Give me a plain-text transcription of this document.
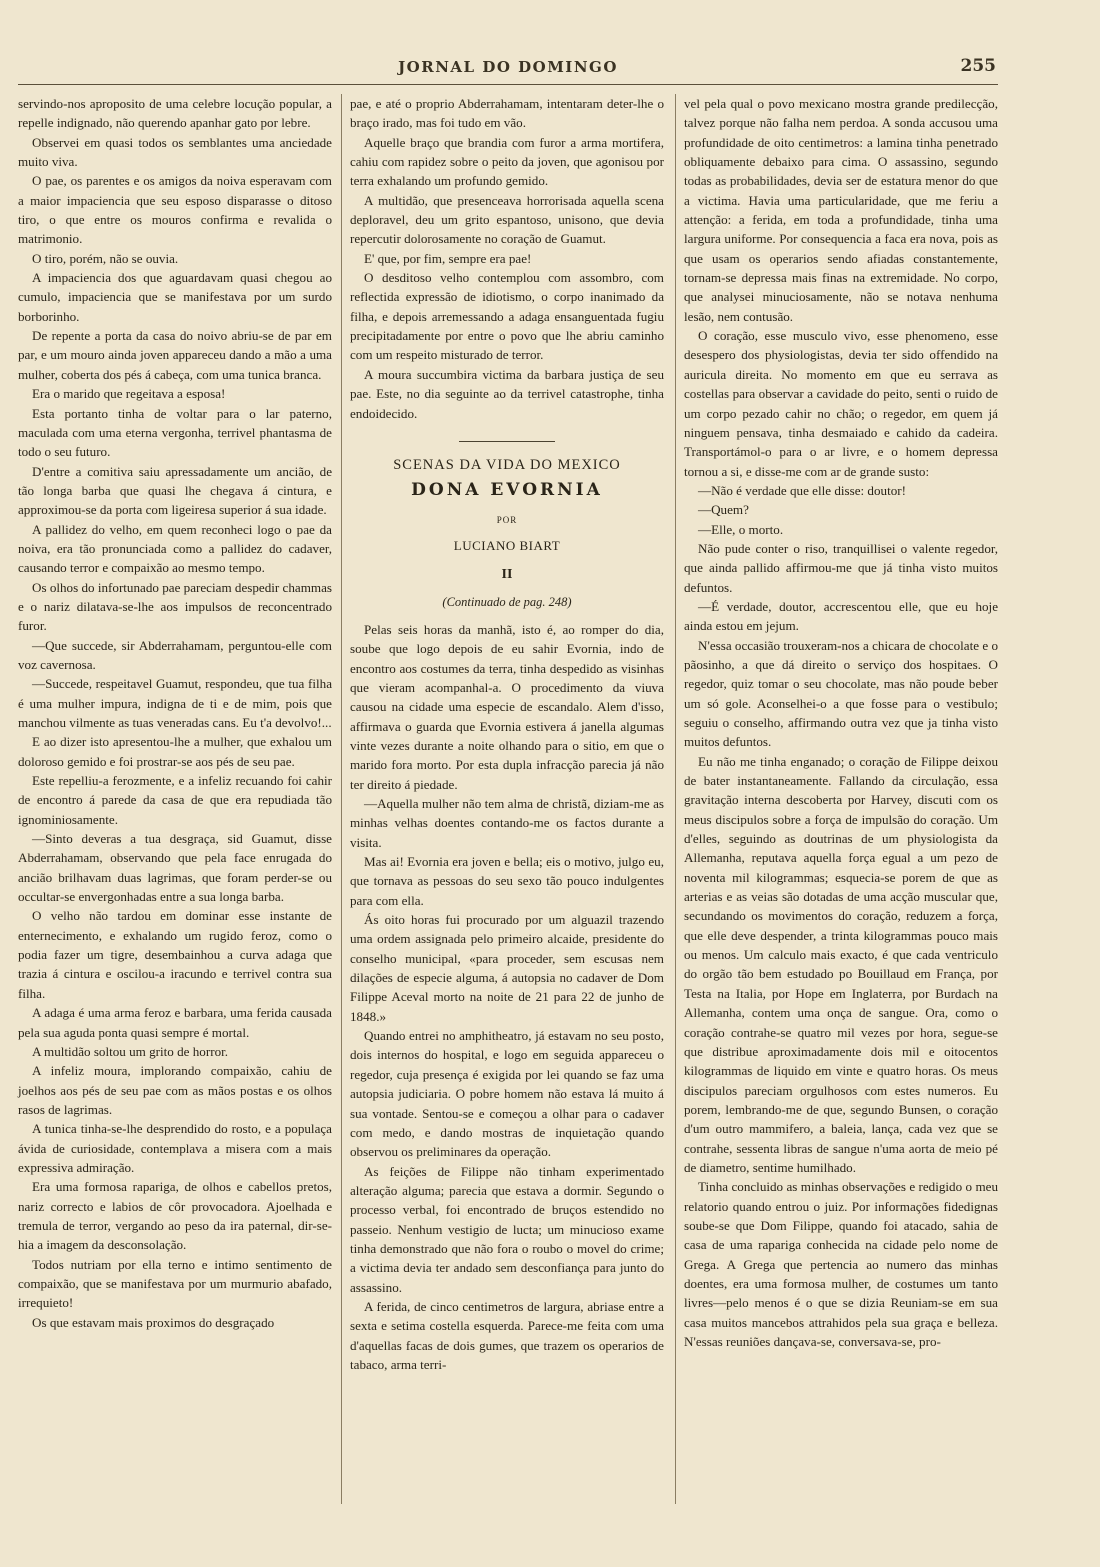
JORNAL DO DOMINGO	255

servindo-nos aproposito de uma celebre locução popular, a repelle indignado, não querendo apanhar gato por lebre.

Observei em quasi todos os semblantes uma anciedade muito viva.

O pae, os parentes e os amigos da noiva esperavam com a maior impaciencia que seu esposo disparasse o ditoso tiro, o que entre os mouros confirma e revalida o matrimonio.

O tiro, porém, não se ouvia.

A impaciencia dos que aguardavam quasi chegou ao cumulo, impaciencia que se manifestava por um surdo borborinho.

De repente a porta da casa do noivo abriu-se de par em par, e um mouro ainda joven appareceu dando a mão a uma mulher, coberta dos pés á cabeça, com uma tunica branca.

Era o marido que regeitava a esposa!

Esta portanto tinha de voltar para o lar paterno, maculada com uma eterna vergonha, terrivel phantasma de todo o seu futuro.

D'entre a comitiva saiu apressadamente um ancião, de tão longa barba que quasi lhe chegava á cintura, e approximou-se da porta com ligeiresa superior á sua idade.

A pallidez do velho, em quem reconheci logo o pae da noiva, era tão pronunciada como a pallidez do cadaver, causando terror e compaixão ao mesmo tempo.

Os olhos do infortunado pae pareciam despedir chammas e o nariz dilatava-se-lhe aos impulsos de reconcentrado furor.

—Que succede, sir Abderrahamam, perguntou-elle com voz cavernosa.

—Succede, respeitavel Guamut, respondeu, que tua filha é uma mulher impura, indigna de ti e de mim, pois que manchou vilmente as tuas veneradas cans. Eu t'a devolvo!...

E ao dizer isto apresentou-lhe a mulher, que exhalou um doloroso gemido e foi prostrar-se aos pés de seu pae.

Este repelliu-a ferozmente, e a infeliz recuando foi cahir de encontro á parede da casa de que era repudiada tão ignominiosamente.

—Sinto deveras a tua desgraça, sid Guamut, disse Abderrahamam, observando que pela face enrugada do ancião brilhavam duas lagrimas, que foram perder-se ou occultar-se envergonhadas entre a sua longa barba.

O velho não tardou em dominar esse instante de enternecimento, e exhalando um rugido feroz, como o podia fazer um tigre, desembainhou a curva adaga que trazia á cintura e oscilou-a iracundo e terrivel contra sua filha.

A adaga é uma arma feroz e barbara, uma ferida causada pela sua aguda ponta quasi sempre é mortal.

A multidão soltou um grito de horror.

A infeliz moura, implorando compaixão, cahiu de joelhos aos pés de seu pae com as mãos postas e os olhos rasos de lagrimas.

A tunica tinha-se-lhe desprendido do rosto, e a populaça ávida de curiosidade, contemplava a misera com a mais expressiva admiração.

Era uma formosa rapariga, de olhos e cabellos pretos, nariz correcto e labios de côr provocadora. Ajoelhada e tremula de terror, vergando ao peso da ira paternal, dir-se-hia a imagem da desconsolação.

Todos nutriam por ella terno e intimo sentimento de compaixão, que se manifestava por um murmurio abafado, irrequieto!

Os que estavam mais proximos do desgraçado

pae, e até o proprio Abderrahamam, intentaram deter-lhe o braço irado, mas foi tudo em vão.

Aquelle braço que brandia com furor a arma mortifera, cahiu com rapidez sobre o peito da joven, que agonisou por terra exhalando um profundo gemido.

A multidão, que presenceava horrorisada aquella scena deploravel, deu um grito espantoso, unisono, que devia repercutir dolorosamente no coração de Guamut.

E' que, por fim, sempre era pae!

O desditoso velho contemplou com assombro, com reflectida expressão de idiotismo, o corpo inanimado da filha, e depois arremessando a adaga ensanguentada fugiu precipitadamente por entre o povo que lhe abriu caminho com um respeito misturado de terror.

A moura succumbira victima da barbara justiça de seu pae. Este, no dia seguinte ao da terrivel catastrophe, tinha endoidecido.

SCENAS DA VIDA DO MEXICO

DONA EVORNIA

POR

LUCIANO BIART

II

(Continuado de pag. 248)

Pelas seis horas da manhã, isto é, ao romper do dia, soube que logo depois de eu sahir Evornia, indo de encontro aos costumes da terra, tinha despedido as visinhas que vieram acompanhal-a. O procedimento da viuva causou na cidade uma especie de escandalo. Alem d'isso, affirmava o guarda que Evornia estivera á janella algumas vinte vezes durante a noite olhando para o sitio, em que o marido fora morto. Por esta dupla infracção parecia já não ter direito á piedade.

—Aquella mulher não tem alma de christã, diziam-me as minhas velhas doentes contando-me os factos durante a visita.

Mas ai! Evornia era joven e bella; eis o motivo, julgo eu, que tornava as pessoas do seu sexo tão pouco indulgentes para com ella.

Ás oito horas fui procurado por um alguazil trazendo uma ordem assignada pelo primeiro alcaide, presidente do conselho municipal, «para proceder, sem escusas nem dilações de especie alguma, á autopsia no cadaver de Dom Filippe Aceval morto na noite de 21 para 22 de junho de 1848.»

Quando entrei no amphitheatro, já estavam no seu posto, dois internos do hospital, e logo em seguida appareceu o regedor, cuja presença é exigida por lei quando se faz uma autopsia judiciaria. O pobre homem não estava lá muito á sua vontade. Sentou-se e começou a olhar para o cadaver com medo, e dando mostras de inquietação quando observou os preliminares da operação.

As feições de Filippe não tinham experimentado alteração alguma; parecia que estava a dormir. Segundo o processo verbal, foi encontrado de bruços estendido no passeio. Nenhum vestigio de lucta; um minucioso exame tinha demonstrado que não fora o roubo o movel do crime; a victima devia ter andado sem desconfiança para junto do assassino.

A ferida, de cinco centimetros de largura, abriase entre a sexta e setima costella esquerda. Parece-me feita com uma d'aquellas facas de dois gumes, que trazem os operarios de tabaco, arma terri-

vel pela qual o povo mexicano mostra grande predilecção, talvez porque não falha nem perdoa. A sonda accusou uma profundidade de oito centimetros: a lamina tinha penetrado obliquamente debaixo para cima. O assassino, segundo todas as probabilidades, devia ser de estatura menor do que a victima. Havia uma particularidade, que me feriu a attenção: a ferida, em toda a profundidade, tinha uma largura uniforme. Por consequencia a faca era nova, pois as que usam os operarios sendo afiadas constantemente, tornam-se depressa mais finas na extremidade. No corpo, que analysei minuciosamente, não se notava nenhuma lesão, nem contusão.

O coração, esse musculo vivo, esse phenomeno, esse desespero dos physiologistas, devia ter sido offendido na auricula direita. No momento em que eu serrava as costellas para observar a cavidade do peito, senti o ruido de um corpo pezado cahir no chão; o regedor, em quem já ninguem pensava, tinha desmaiado e cahido da cadeira. Transportámol-o para o ar livre, e o homem depressa tornou a si, e disse-me com ar de grande susto:

—Não é verdade que elle disse: doutor!

—Quem?

—Elle, o morto.

Não pude conter o riso, tranquillisei o valente regedor, que ainda pallido affirmou-me que já tinha visto muitos defuntos.

—É verdade, doutor, accrescentou elle, que eu hoje ainda estou em jejum.

N'essa occasião trouxeram-nos a chicara de chocolate e o pãosinho, a que dá direito o serviço dos hospitaes. O regedor, quiz tomar o seu chocolate, mas não poude beber um só gole. Aconselhei-o a que fosse para o vestibulo; seguiu o conselho, affirmando outra vez que ja tinha visto muitos defuntos.

Eu não me tinha enganado; o coração de Filippe deixou de bater instantaneamente. Fallando da circulação, essa gravitação interna descoberta por Harvey, discuti com os meus discipulos sobre a força de impulsão do coração. Um d'elles, seguindo as doutrinas de um physiologista da Allemanha, reputava aquella força egual a um pezo de noventa mil kilogrammas; esquecia-se porem de que as arterias e as veias são dotadas de uma acção muscular que, secundando os movimentos do coração, reduzem a força, que elle deve despender, a trinta kilogrammas pouco mais ou menos. Um calculo mais exacto, é que cada ventriculo do orgão tão bem estudado po Bouillaud em França, por Testa na Italia, por Hope em Inglaterra, por Burdach na Allemanha, contem uma onça de sangue. Ora, como o coração contrahe-se quatro mil vezes por hora, segue-se que distribue aproximadamente dois mil e oitocentos kilogrammas de liquido em vinte e quatro horas. Os meus discipulos pareciam orgulhosos com estes numeros. Eu porem, lembrando-me de que, segundo Bunsen, o coração d'um outro mammifero, a baleia, lança, cada vez que se contrahe, sessenta libras de sangue n'uma aorta de meio pé de diametro, sentime humilhado.

Tinha concluido as minhas observações e redigido o meu relatorio quando entrou o juiz. Por informações fidedignas soube-se que Dom Filippe, quando foi atacado, sahia de casa de uma rapariga conhecida na cidade pelo nome de Grega. A Grega que pertencia ao numero das minhas doentes, era uma formosa mulher, de costumes um tanto livres—pelo menos é o que se dizia Reuniam-se em sua casa muitos mancebos attrahidos pela sua graça e belleza. N'essas reuniões dançava-se, conversava-se, pro-
